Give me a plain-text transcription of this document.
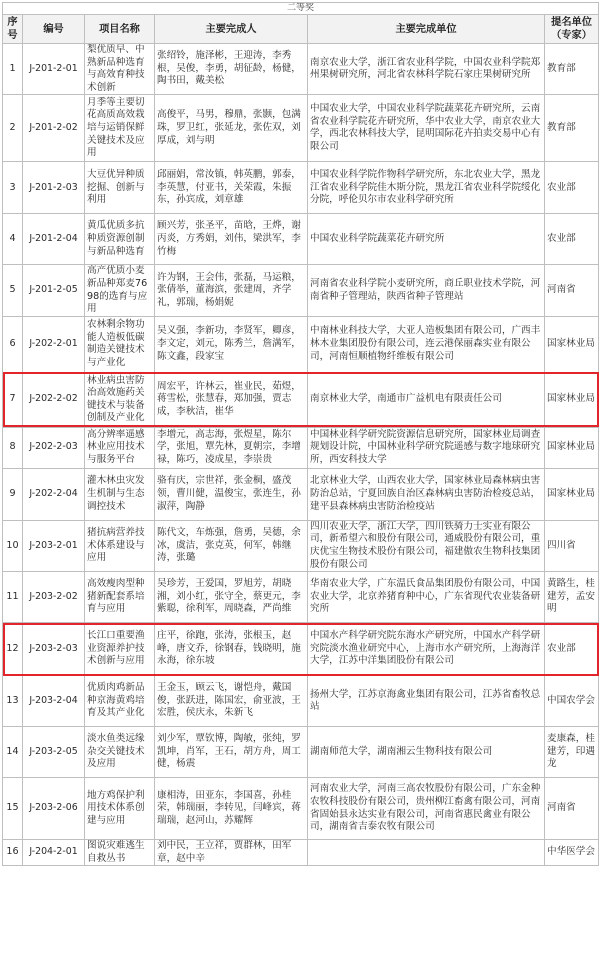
二等奖					
序号	编号	项目名称	主要完成人	主要完成单位	提名单位（专家）
1	J-201-2-01	梨优质早、中熟新品种选育与高效育种技术创新	张绍铃，施泽彬，王迎涛，李秀根，吴俊，李勇，胡征龄，杨健，陶书田，戴美松	南京农业大学，浙江省农业科学院，中国农业科学院郑州果树研究所，河北省农林科学院石家庄果树研究所	教育部
2	J-201-2-02	月季等主要切花高质高效栽培与运销保鲜关键技术及应用	高俊平，马男，穆鼎，张颢，包满珠，罗卫红，张延龙，张佐双，刘厚成，刘与明	中国农业大学，中国农业科学院蔬菜花卉研究所，云南省农业科学院花卉研究所，华中农业大学，南京农业大学，西北农林科技大学，昆明国际花卉拍卖交易中心有限公司	教育部
3	J-201-2-03	大豆优异种质挖掘、创新与利用	邱丽娟，常汝镇，韩英鹏，郭泰，李英慧，付亚书，关荣霞，朱振东，孙宾成，刘章雄	中国农业科学院作物科学研究所，东北农业大学，黑龙江省农业科学院佳木斯分院，黑龙江省农业科学院绥化分院，呼伦贝尔市农业科学研究所	农业部
4	J-201-2-04	黄瓜优质多抗种质资源创制与新品种选育	顾兴芳，张圣平，苗晗，王烨，谢丙炎，方秀娟，刘伟，梁洪军，李竹梅	中国农业科学院蔬菜花卉研究所	农业部
5	J-201-2-05	高产优质小麦新品种郑麦7698的选育与应用	许为钢，王会伟，张磊，马运粮，张倩举，董海滨，张建周，齐学礼，郭瑞，杨娟妮	河南省农业科学院小麦研究所，商丘职业技术学院，河南省种子管理站，陕西省种子管理站	河南省
6	J-202-2-01	农林剩余物功能人造板低碳制造关键技术与产业化	吴义强，李新功，李贤军，卿彦，李文定，刘元，陈秀兰，詹满军，陈文鑫，段家宝	中南林业科技大学，大亚人造板集团有限公司，广西丰林木业集团股份有限公司，连云港保丽森实业有限公司，河南恒顺植物纤维板有限公司	国家林业局
7	J-202-2-02	林业病虫害防治高效施药关键技术与装备创制及产业化	周宏平，许林云，崔业民，茹煜，蒋雪松，张慧春，郑加强，贾志成，李秋洁，崔华	南京林业大学，南通市广益机电有限责任公司	国家林业局
8	J-202-2-03	高分辨率遥感林业应用技术与服务平台	李增元，高志海，张煜星，陈尔学，张旭，覃先林，夏朝宗，李增禄，陈巧，凌成星，李崇贵	中国林业科学研究院资源信息研究所，国家林业局调查规划设计院，中国林业科学研究院遥感与数字地球研究所，西安科技大学	国家林业局
9	J-202-2-04	灌木林虫灾发生机制与生态调控技术	骆有庆，宗世祥，张金桐，盛茂领，曹川健，温俊宝，张连生，孙淑萍，陶静	北京林业大学，山西农业大学，国家林业局森林病虫害防治总站，宁夏回族自治区森林病虫害防治检疫总站，建平县森林病虫害防治检疫站	国家林业局
10	J-203-2-01	猪抗病营养技术体系建设与应用	陈代文，车炼强，詹勇，吴德，余冰，虞洁，张克英，何军，韩继涛，张璐	四川农业大学，浙江大学，四川铁骑力士实业有限公司，新希望六和股份有限公司，通威股份有限公司，重庆优宝生物技术股份有限公司，福建傲农生物科技集团股份有限公司	四川省
11	J-203-2-02	高效瘦肉型种猪新配套系培育与应用	吴珍芳，王爱国，罗旭芳，胡晓湘，刘小红，张守全，蔡更元，李紫聪，徐利军，周晓森，严尚维	华南农业大学，广东温氏食品集团股份有限公司，中国农业大学，北京养猪育种中心，广东省现代农业装备研究所	黄路生，桂建芳，孟安明
12	J-203-2-03	长江口重要渔业资源养护技术创新与应用	庄平，徐跑，张涛，张根玉，赵峰，唐文乔，徐钢春，钱晓明，施永海，徐东坡	中国水产科学研究院东海水产研究所，中国水产科学研究院淡水渔业研究中心，上海市水产研究所，上海海洋大学，江苏中洋集团股份有限公司	农业部
13	J-203-2-04	优质肉鸡新品种京海黄鸡培育及其产业化	王金玉，顾云飞，谢恺舟，戴国俊，张跃进，陈国宏，俞亚波，王宏胜，侯庆永，朱新飞	扬州大学，江苏京海禽业集团有限公司，江苏省畜牧总站	中国农学会
14	J-203-2-05	淡水鱼类远缘杂交关键技术及应用	刘少军，覃钦博，陶敏，张纯，罗凯坤，肖军，王石，胡方舟，周工健，杨震	湖南师范大学，湖南湘云生物科技有限公司	麦康森，桂建芳，印遇龙
15	J-203-2-06	地方鸡保护利用技术体系创建与应用	康相涛，田亚东，李国喜，孙桂荣，韩瑞丽，李转见，闫峰宾，蒋瑞瑞，赵河山，苏耀辉	河南农业大学，河南三高农牧股份有限公司，广东金种农牧科技股份有限公司，贵州柳江畜禽有限公司，河南省固始县永达实业有限公司，河南省惠民禽业有限公司，湖南省吉泰农牧有限公司	河南省
16	J-204-2-01	图说灾难逃生自救丛书	刘中民，王立祥，贾群林，田军章，赵中辛		中华医学会
